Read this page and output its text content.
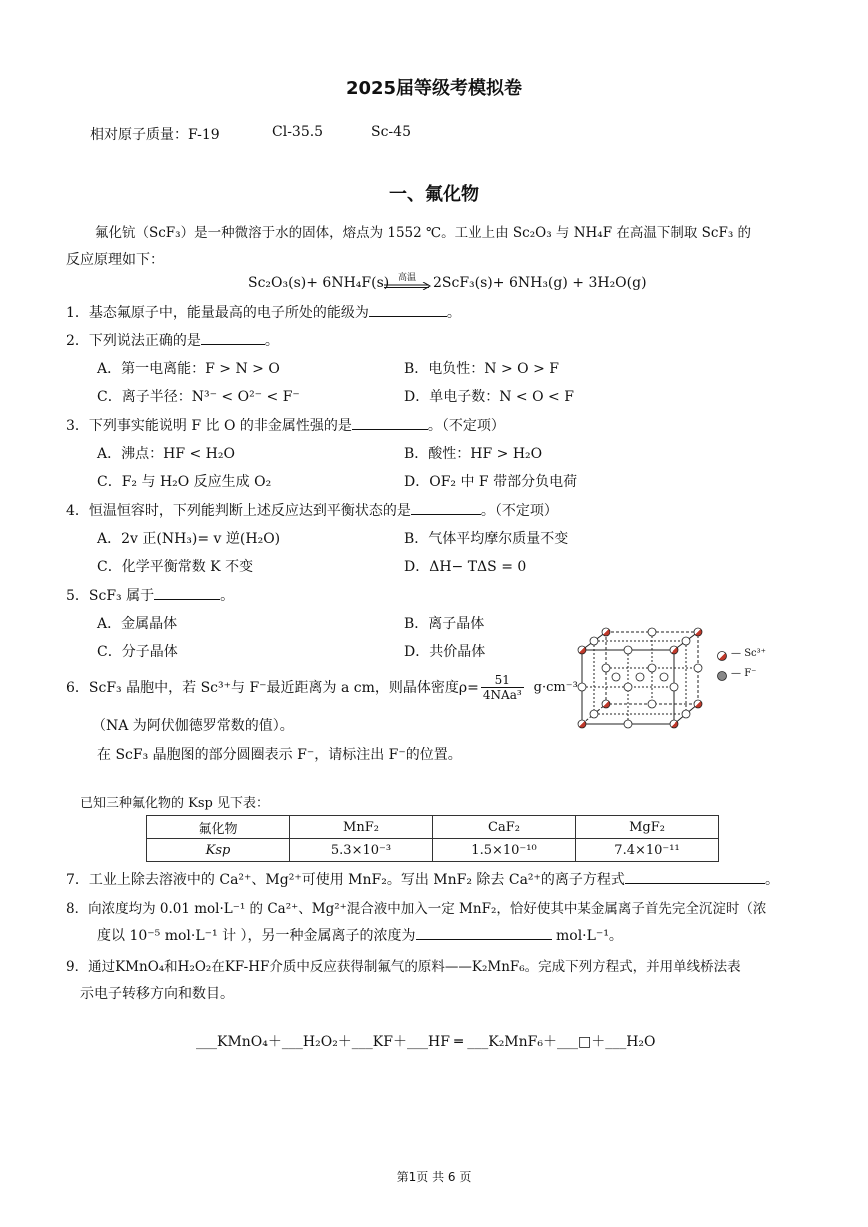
2025届等级考模拟卷
相对原子质量：F-19	Cl-35.5	Sc-45
一、氟化物
氟化钪（ScF₃）是一种微溶于水的固体，熔点为 1552 ℃。工业上由 Sc₂O₃ 与 NH₄F 在高温下制取 ScF₃ 的
反应原理如下：
Sc₂O₃(s)+ 6NH₄F(s) 高温	2ScF₃(s)+ 6NH₃(g) + 3H₂O(g)
1．基态氟原子中，能量最高的电子所处的能级为	。
2．下列说法正确的是	。
A．第一电离能：F > N > O	B．电负性：N > O > F
C．离子半径：N³⁻ < O²⁻ < F⁻	D．单电子数：N < O < F
3．下列事实能说明 F 比 O 的非金属性强的是	。（不定项）
A．沸点：HF < H₂O	B．酸性：HF > H₂O
C．F₂ 与 H₂O 反应生成 O₂	D．OF₂ 中 F 带部分负电荷
4．恒温恒容时，下列能判断上述反应达到平衡状态的是	。（不定项）
A．2v 正(NH₃)= v 逆(H₂O)	B．气体平均摩尔质量不变
C．化学平衡常数 K 不变	D．ΔH− TΔS = 0
5．ScF₃ 属于	。
A．金属晶体	B．离子晶体
C．分子晶体	D．共价晶体
6．ScF₃ 晶胞中，若 Sc³⁺与 F⁻最近距离为 a cm，则晶体密度$\rho= \frac{51}{\text{4NAa³}} g\cdot cm^{-3}$
（NA 为阿伏伽德罗常数的值）。
在 ScF₃ 晶胞图的部分圆圈表示 F⁻，请标注出 F⁻的位置。
— Sc³⁺
— F⁻
已知三种氟化物的 Ksp 见下表：
氟化物	MnF₂	CaF₂	MgF₂
Ksp	5.3×10⁻³	1.5×10⁻¹⁰	7.4×10⁻¹¹
7．工业上除去溶液中的 Ca²⁺、Mg²⁺可使用 MnF₂。写出 MnF₂ 除去 Ca²⁺的离子方程式	。
8．向浓度均为 0.01 mol·L⁻¹ 的 Ca²⁺、Mg²⁺混合液中加入一定 MnF₂，恰好使其中某金属离子首先完全沉淀时（浓
度以 10⁻⁵ mol·L⁻¹ 计 ），另一种金属离子的浓度为	mol·L⁻¹。
9．通过KMnO₄和H₂O₂在KF-HF介质中反应获得制氟气的原料——K₂MnF₆。完成下列方程式，并用单线桥法表
示电子转移方向和数目。
___KMnO₄＋___H₂O₂＋___KF＋___HF ═ ___K₂MnF₆＋___□＋___H₂O
第1页 共 6 页
